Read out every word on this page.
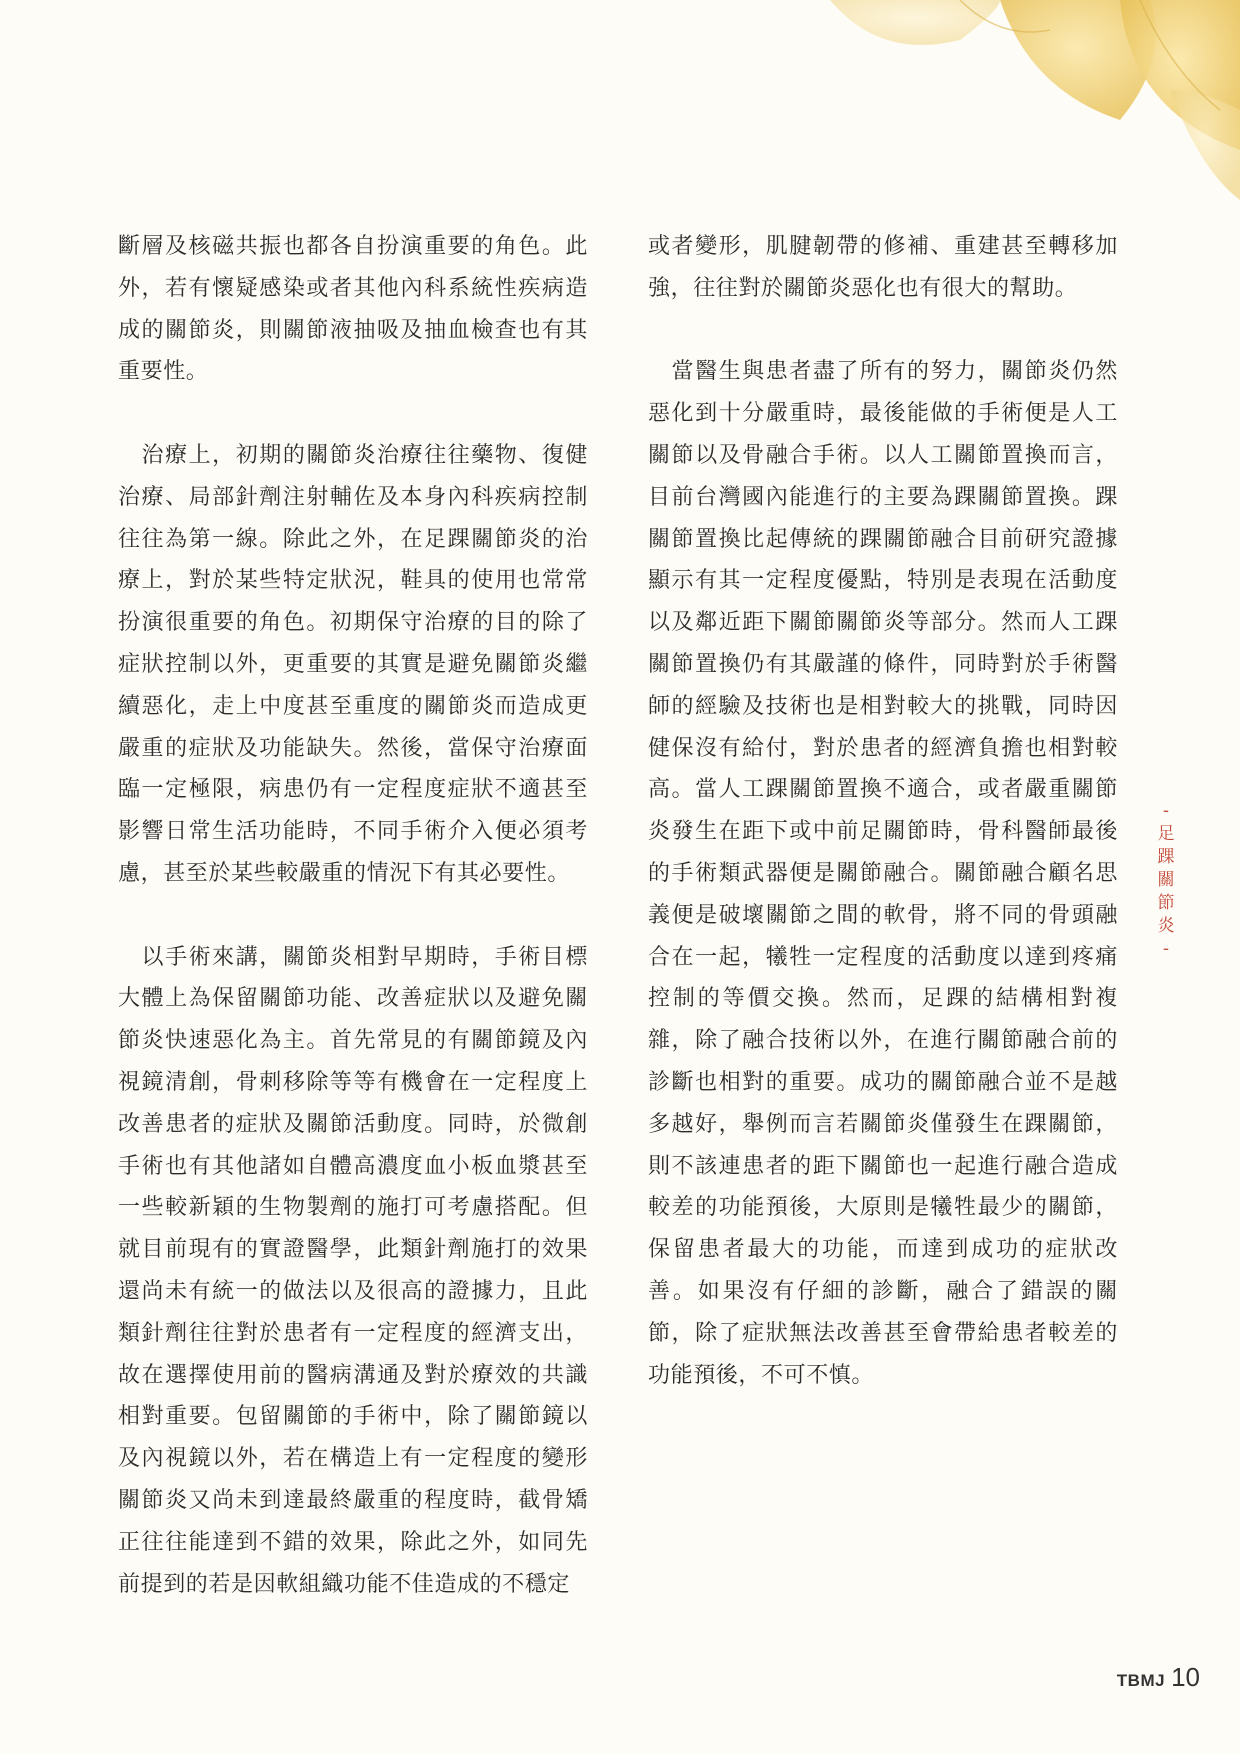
斷層及核磁共振也都各自扮演重要的角色。此外，若有懷疑感染或者其他內科系統性疾病造成的關節炎，則關節液抽吸及抽血檢查也有其重要性。

　治療上，初期的關節炎治療往往藥物、復健治療、局部針劑注射輔佐及本身內科疾病控制往往為第一線。除此之外，在足踝關節炎的治療上，對於某些特定狀況，鞋具的使用也常常扮演很重要的角色。初期保守治療的目的除了症狀控制以外，更重要的其實是避免關節炎繼續惡化，走上中度甚至重度的關節炎而造成更嚴重的症狀及功能缺失。然後，當保守治療面臨一定極限，病患仍有一定程度症狀不適甚至影響日常生活功能時，不同手術介入便必須考慮，甚至於某些較嚴重的情況下有其必要性。

　以手術來講，關節炎相對早期時，手術目標大體上為保留關節功能、改善症狀以及避免關節炎快速惡化為主。首先常見的有關節鏡及內視鏡清創，骨刺移除等等有機會在一定程度上改善患者的症狀及關節活動度。同時，於微創手術也有其他諸如自體高濃度血小板血漿甚至一些較新穎的生物製劑的施打可考慮搭配。但就目前現有的實證醫學，此類針劑施打的效果還尚未有統一的做法以及很高的證據力，且此類針劑往往對於患者有一定程度的經濟支出，故在選擇使用前的醫病溝通及對於療效的共識相對重要。包留關節的手術中，除了關節鏡以及內視鏡以外，若在構造上有一定程度的變形關節炎又尚未到達最終嚴重的程度時，截骨矯正往往能達到不錯的效果，除此之外，如同先前提到的若是因軟組織功能不佳造成的不穩定

或者變形，肌腱韌帶的修補、重建甚至轉移加強，往往對於關節炎惡化也有很大的幫助。

　當醫生與患者盡了所有的努力，關節炎仍然惡化到十分嚴重時，最後能做的手術便是人工關節以及骨融合手術。以人工關節置換而言，目前台灣國內能進行的主要為踝關節置換。踝關節置換比起傳統的踝關節融合目前研究證據顯示有其一定程度優點，特別是表現在活動度以及鄰近距下關節關節炎等部分。然而人工踝關節置換仍有其嚴謹的條件，同時對於手術醫師的經驗及技術也是相對較大的挑戰，同時因健保沒有給付，對於患者的經濟負擔也相對較高。當人工踝關節置換不適合，或者嚴重關節炎發生在距下或中前足關節時，骨科醫師最後的手術類武器便是關節融合。關節融合顧名思義便是破壞關節之間的軟骨，將不同的骨頭融合在一起，犧牲一定程度的活動度以達到疼痛控制的等價交換。然而，足踝的結構相對複雜，除了融合技術以外，在進行關節融合前的診斷也相對的重要。成功的關節融合並不是越多越好，舉例而言若關節炎僅發生在踝關節，則不該連患者的距下關節也一起進行融合造成較差的功能預後，大原則是犧牲最少的關節，保留患者最大的功能，而達到成功的症狀改善。如果沒有仔細的診斷，融合了錯誤的關節，除了症狀無法改善甚至會帶給患者較差的功能預後，不可不慎。

-
足
踝
關
節
炎
-
TBMJ 10
